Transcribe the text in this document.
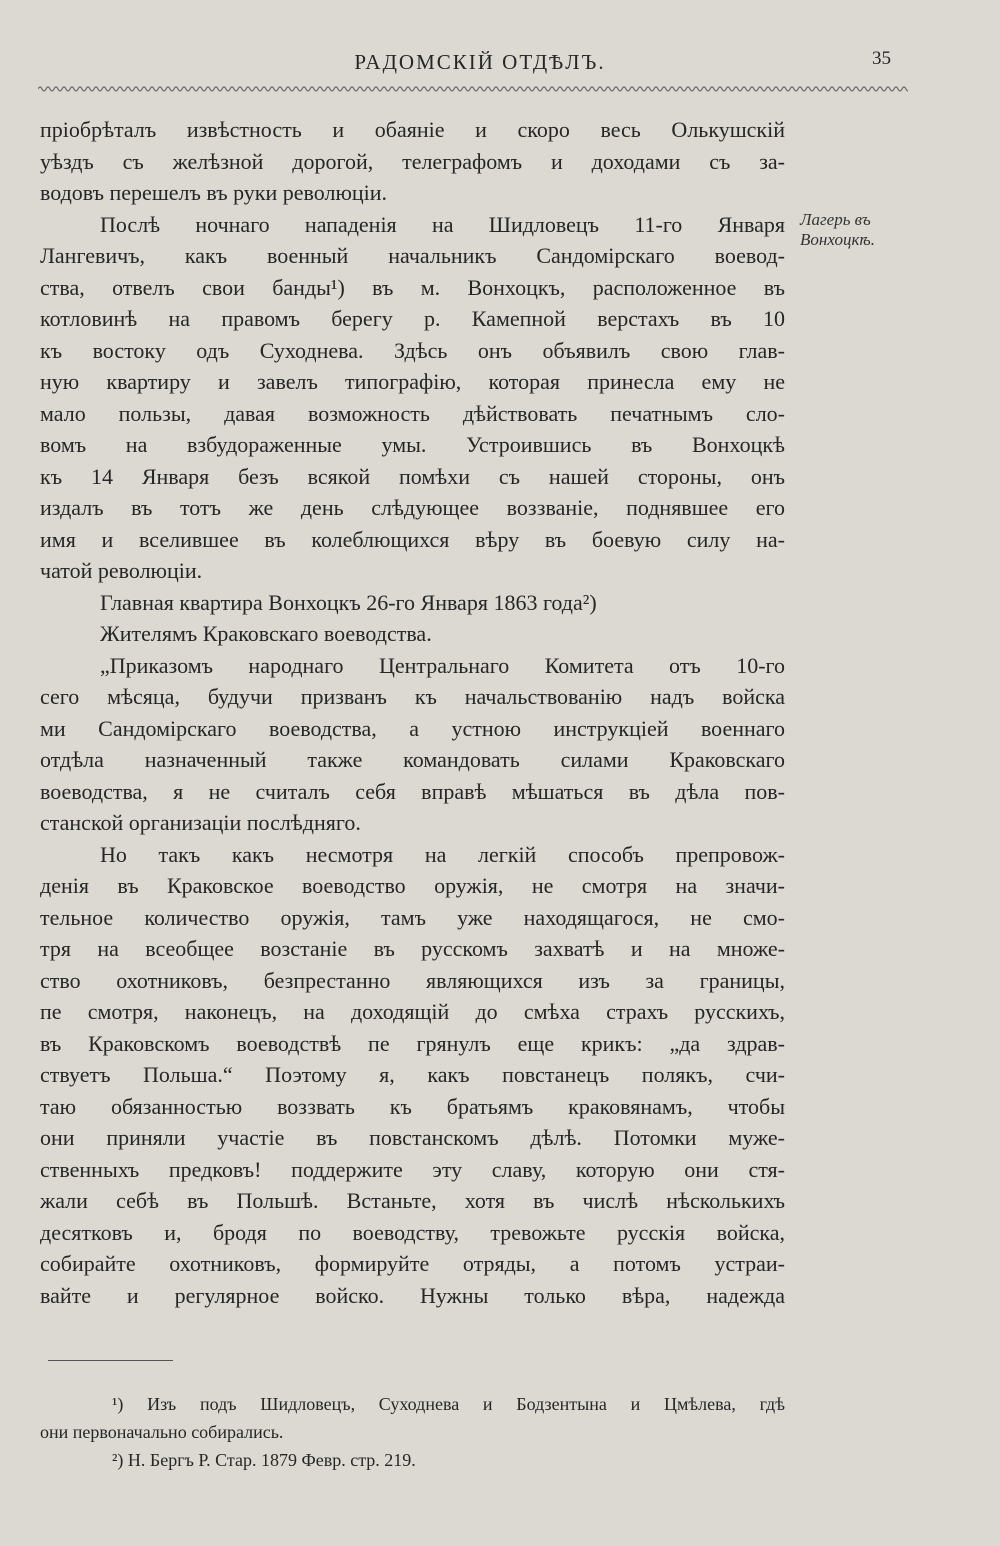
РАДОМСКІЙ ОТДѢЛЪ.	35
пріобрѣталъ извѣстность и обаяніе и скоро весь Олькушскій
уѣздъ съ желѣзной дорогой, телеграфомъ и доходами съ за-
водовъ перешелъ въ руки революціи.
Послѣ ночнаго нападенія на Шидловецъ 11-го Января
Лангевичъ, какъ военный начальникъ Сандомірскаго воевод-
ства, отвелъ свои банды¹) въ м. Вонхоцкъ, расположенное въ
котловинѣ на правомъ берегу р. Камепной верстахъ въ 10
къ востоку одъ Суходнева. Здѣсь онъ объявилъ свою глав-
ную квартиру и завелъ типографію, которая принесла ему не
мало пользы, давая возможность дѣйствовать печатнымъ сло-
вомъ на взбудораженные умы. Устроившись въ Вонхоцкѣ
къ 14 Января безъ всякой помѣхи съ нашей стороны, онъ
издалъ въ тотъ же день слѣдующее воззваніе, поднявшее его
имя и вселившее въ колеблющихся вѣру въ боевую силу на-
чатой революціи.
Главная квартира Вонхоцкъ 26-го Января 1863 года²)
Жителямъ Краковскаго воеводства.
„Приказомъ народнаго Центральнаго Комитета отъ 10-го
сего мѣсяца, будучи призванъ къ начальствованію надъ войска
ми Сандомірскаго воеводства, а устною инструкціей военнаго
отдѣла назначенный также командовать силами Краковскаго
воеводства, я не считалъ себя вправѣ мѣшаться въ дѣла пов-
станской организаціи послѣдняго.
Но такъ какъ несмотря на легкій способъ препровож-
денія въ Краковское воеводство оружія, не смотря на значи-
тельное количество оружія, тамъ уже находящагося, не смо-
тря на всеобщее возстаніе въ русскомъ захватѣ и на множе-
ство охотниковъ, безпрестанно являющихся изъ за границы,
пе смотря, наконецъ, на доходящій до смѣха страхъ русскихъ,
въ Краковскомъ воеводствѣ пе грянулъ еще крикъ: „да здрав-
ствуетъ Польша.“ Поэтому я, какъ повстанецъ полякъ, счи-
таю обязанностью воззвать къ братьямъ краковянамъ, чтобы
они приняли участіе въ повстанскомъ дѣлѣ. Потомки муже-
ственныхъ предковъ! поддержите эту славу, которую они стя-
жали себѣ въ Польшѣ. Встаньте, хотя въ числѣ нѣсколькихъ
десятковъ и, бродя по воеводству, тревожьте русскія войска,
собирайте охотниковъ, формируйте отряды, а потомъ устраи-
вайте и регулярное войско. Нужны только вѣра, надежда
Лагерь въ
Вонхоцкѣ.
¹) Изъ подъ Шидловецъ, Суходнева и Бодзентына и Цмѣлева, гдѣ
они первоначально собирались.
²) Н. Бергъ Р. Стар. 1879 Февр. стр. 219.
